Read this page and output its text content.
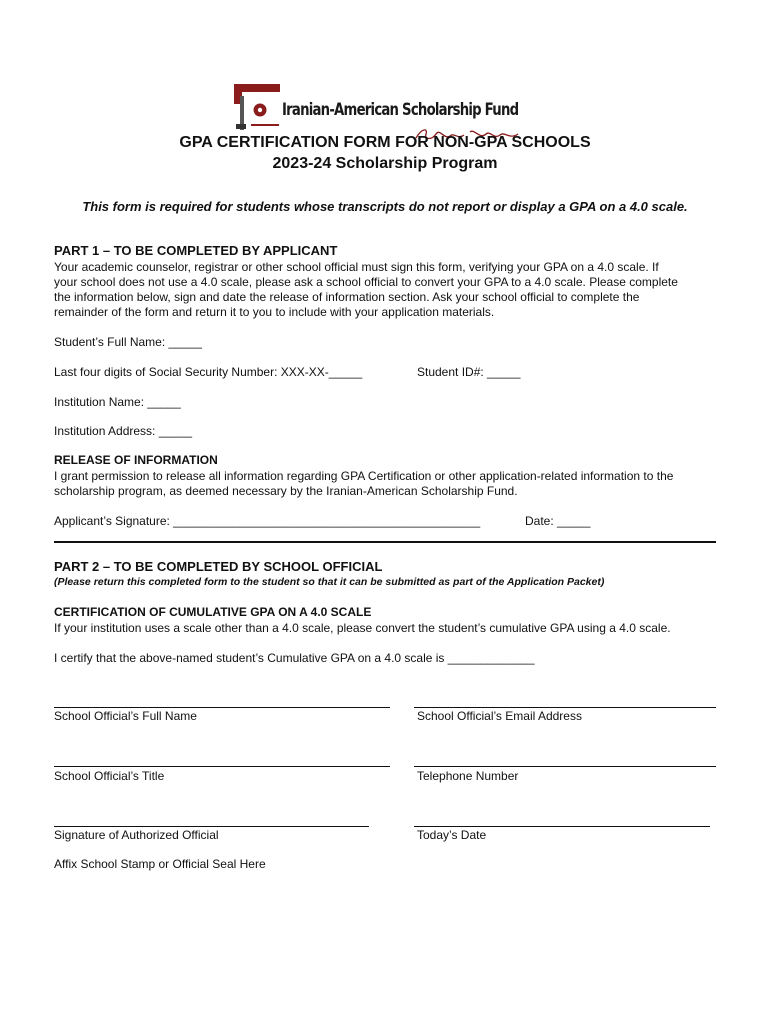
Iranian-American Scholarship Fund
GPA CERTIFICATION FORM FOR NON-GPA SCHOOLS
2023-24 Scholarship Program
This form is required for students whose transcripts do not report or display a GPA on a 4.0 scale.
PART 1 – TO BE COMPLETED BY APPLICANT
Your academic counselor, registrar or other school official must sign this form, verifying your GPA on a 4.0 scale. If
your school does not use a 4.0 scale, please ask a school official to convert your GPA to a 4.0 scale. Please complete
the information below, sign and date the release of information section. Ask your school official to complete the
remainder of the form and return it to you to include with your application materials.
Student’s Full Name: _____
Last four digits of Social Security Number: XXX-XX-_____	Student ID#: _____
Institution Name: _____
Institution Address: _____
RELEASE OF INFORMATION
I grant permission to release all information regarding GPA Certification or other application-related information to the
scholarship program, as deemed necessary by the Iranian-American Scholarship Fund.
Applicant’s Signature: ______________________________________________	Date: _____
PART 2 – TO BE COMPLETED BY SCHOOL OFFICIAL
(Please return this completed form to the student so that it can be submitted as part of the Application Packet)
CERTIFICATION OF CUMULATIVE GPA ON A 4.0 SCALE
If your institution uses a scale other than a 4.0 scale, please convert the student’s cumulative GPA using a 4.0 scale.
I certify that the above-named student’s Cumulative GPA on a 4.0 scale is _____________
School Official’s Full Name	School Official’s Email Address
School Official’s Title	Telephone Number
Signature of Authorized Official	Today’s Date
Affix School Stamp or Official Seal Here
